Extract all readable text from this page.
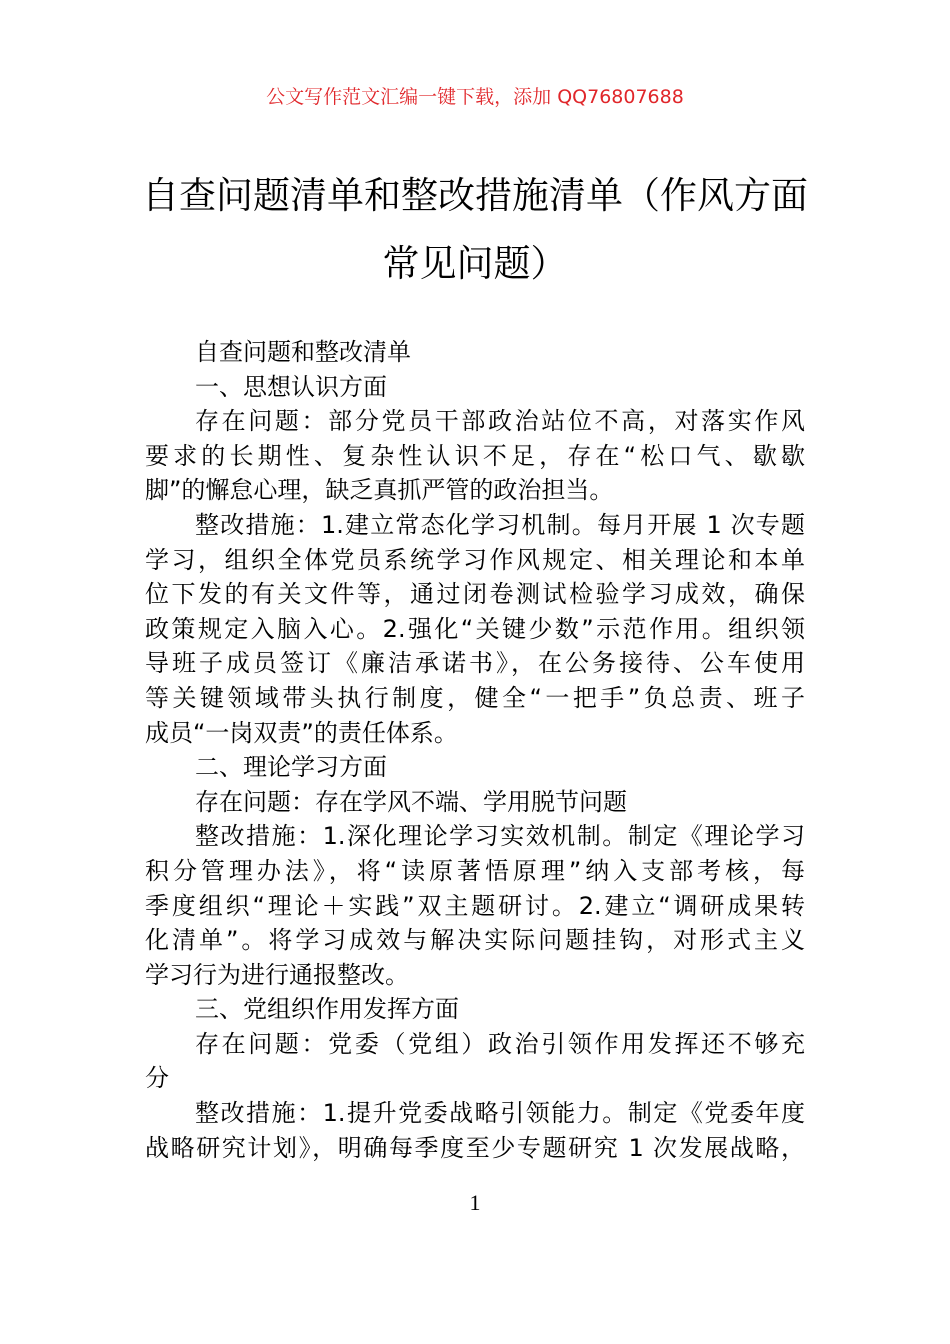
公文写作范文汇编一键下载，添加 QQ76807688
自查问题清单和整改措施清单（作风方面
常见问题）
自查问题和整改清单
一、思想认识方面
存在问题：部分党员干部政治站位不高，对落实作风
要求的长期性、复杂性认识不足，存在“松口气、歇歇
脚”的懈怠心理，缺乏真抓严管的政治担当。
整改措施：1.建立常态化学习机制。每月开展 1 次专题
学习，组织全体党员系统学习作风规定、相关理论和本单
位下发的有关文件等，通过闭卷测试检验学习成效，确保
政策规定入脑入心。2.强化“关键少数”示范作用。组织领
导班子成员签订《廉洁承诺书》，在公务接待、公车使用
等关键领域带头执行制度，健全“一把手”负总责、班子
成员“一岗双责”的责任体系。
二、理论学习方面
存在问题：存在学风不端、学用脱节问题
整改措施：1.深化理论学习实效机制。制定《理论学习
积分管理办法》，将“读原著悟原理”纳入支部考核，每
季度组织“理论＋实践”双主题研讨。2.建立“调研成果转
化清单”。将学习成效与解决实际问题挂钩，对形式主义
学习行为进行通报整改。
三、党组织作用发挥方面
存在问题：党委（党组）政治引领作用发挥还不够充
分
整改措施：1.提升党委战略引领能力。制定《党委年度
战略研究计划》，明确每季度至少专题研究 1 次发展战略，
1
